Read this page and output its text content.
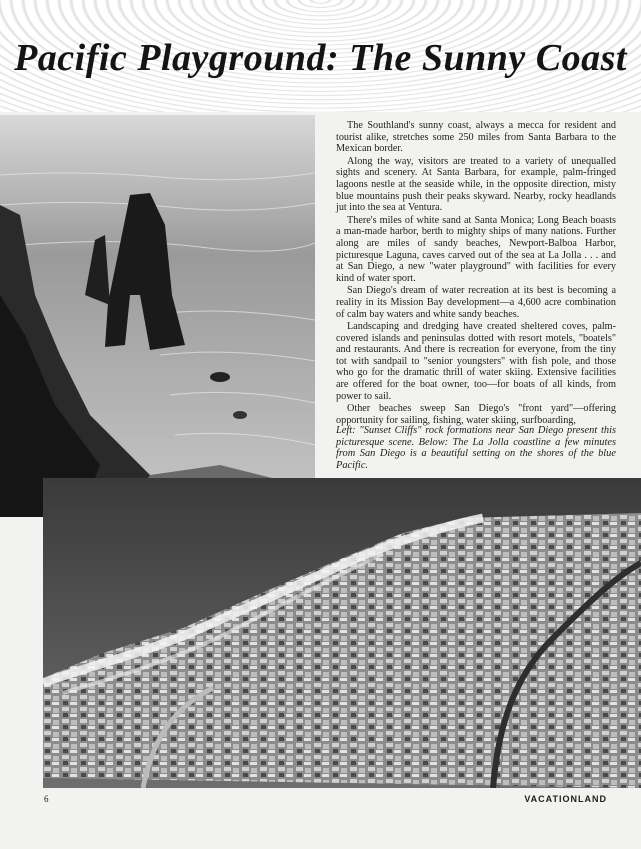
Pacific Playground: The Sunny Coast

The Southland's sunny coast, always a mecca for resident and tourist alike, stretches some 250 miles from Santa Barbara to the Mexican border.

Along the way, visitors are treated to a variety of unequalled sights and scenery. At Santa Barbara, for example, palm-fringed lagoons nestle at the seaside while, in the opposite direction, misty blue mountains push their peaks skyward. Nearby, rocky headlands jut into the sea at Ventura.

There's miles of white sand at Santa Monica; Long Beach boasts a man-made harbor, berth to mighty ships of many nations. Further along are miles of sandy beaches, Newport-Balboa Harbor, picturesque Laguna, caves carved out of the sea at La Jolla . . . and at San Diego, a new "water playground" with facilities for every kind of water sport.

San Diego's dream of water recreation at its best is becoming a reality in its Mission Bay development—a 4,600 acre combination of calm bay waters and white sandy beaches.

Landscaping and dredging have created sheltered coves, palm-covered islands and peninsulas dotted with resort motels, "boatels" and restaurants. And there is recreation for everyone, from the tiny tot with sandpail to "senior youngsters" with fish pole, and those who go for the dramatic thrill of water skiing. Extensive facilities are offered for the boat owner, too—for boats of all kinds, from power to sail.

Other beaches sweep San Diego's "front yard"—offering opportunity for sailing, fishing, water skiing, surfboarding,

Left: "Sunset Cliffs" rock formations near San Diego present this picturesque scene. Below: The La Jolla coastline a few minutes from San Diego is a beautiful setting on the shores of the blue Pacific.

6	VACATIONLAND
